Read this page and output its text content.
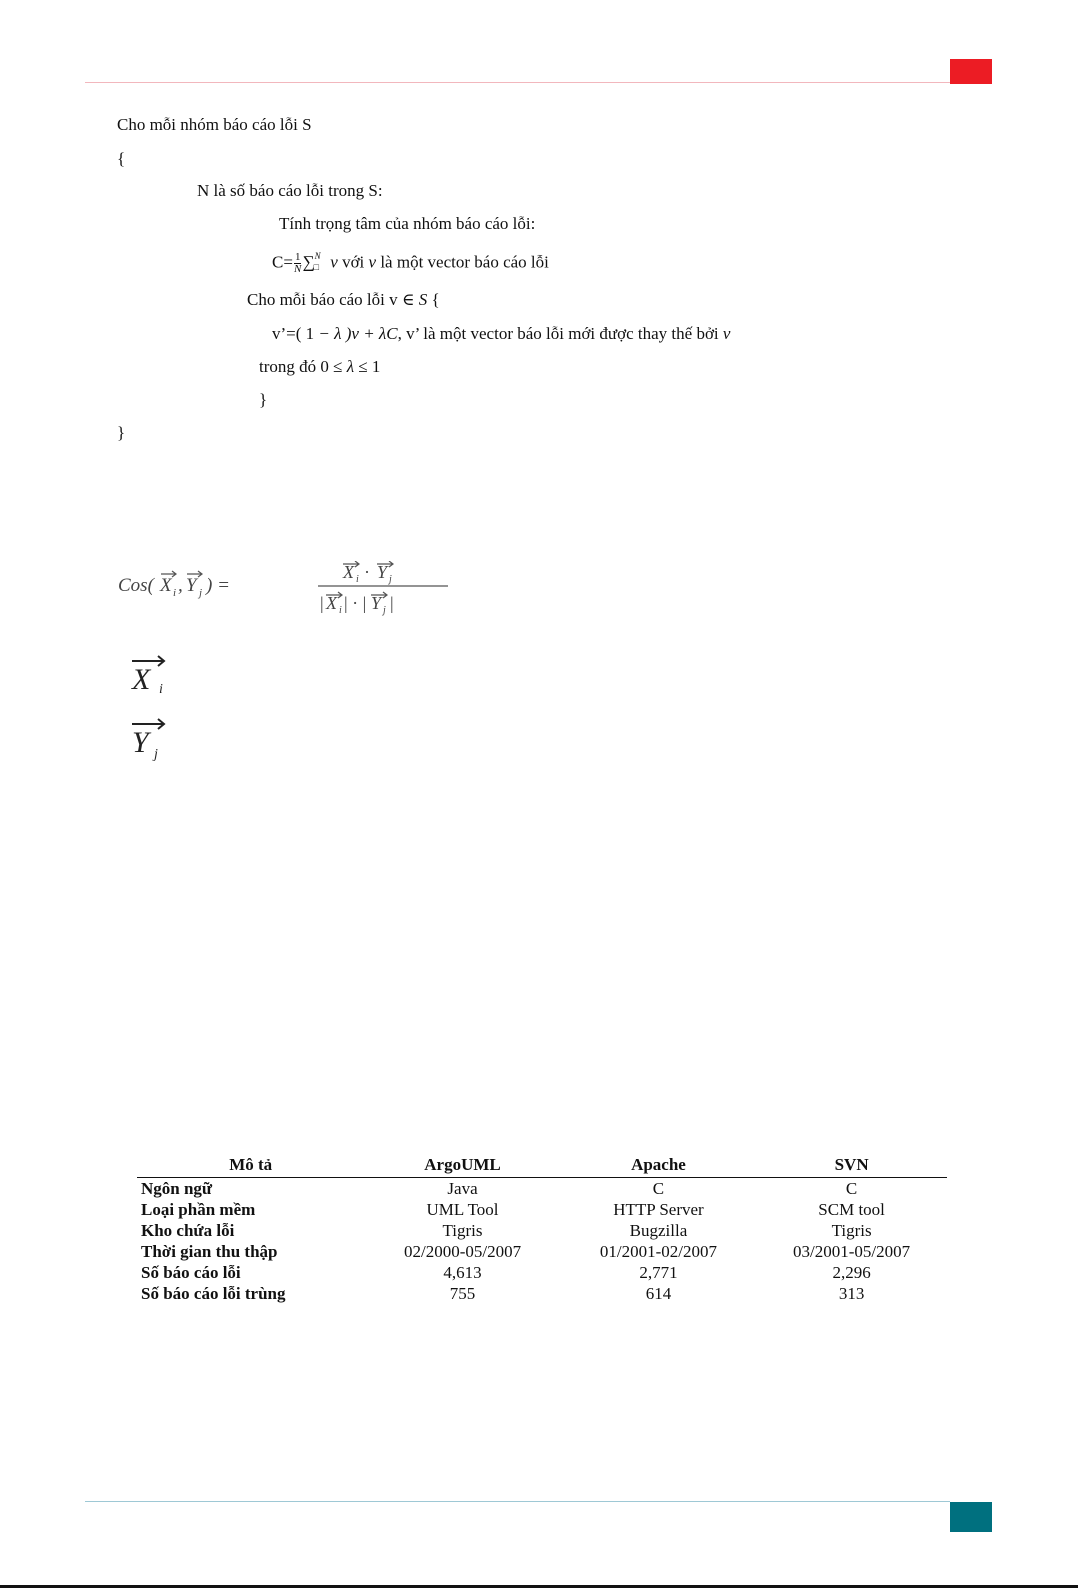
Cho mỗi nhóm báo cáo lỗi S
{
N là số báo cáo lỗi trong S:
Tính trọng tâm của nhóm báo cáo lỗi:
$C= \frac{1}{N}$ ∑$^N$□ v với v là một vector báo cáo lỗi
Cho mỗi báo cáo lỗi v ∈ S {
v’=( 1 − λ )v + λC, v’ là một vector báo lỗi mới được thay thế bởi v
trong đó 0 ≤ λ ≤ 1
}
}
Cos( X i , Y j ) =
X i · Y j
| X i | · | Y j |
X i
Y j
Mô tả	ArgoUML	Apache	SVN
Ngôn ngữ	Java	C	C
Loại phần mềm	UML Tool	HTTP Server	SCM tool
Kho chứa lỗi	Tigris	Bugzilla	Tigris
Thời gian thu thập	02/2000-05/2007	01/2001-02/2007	03/2001-05/2007
Số báo cáo lỗi	4,613	2,771	2,296
Số báo cáo lỗi trùng	755	614	313
